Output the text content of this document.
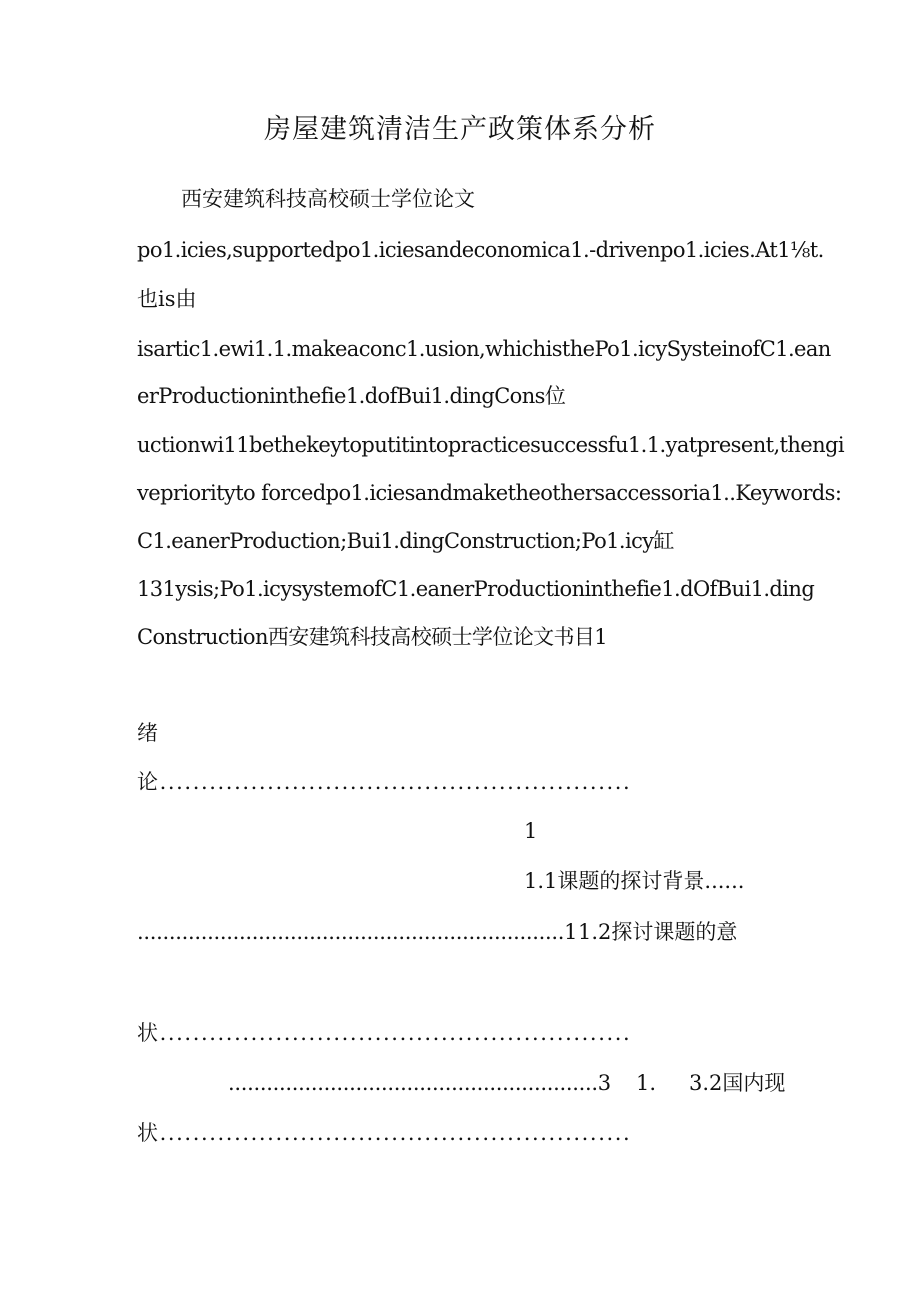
房屋建筑清洁生产政策体系分析
西安建筑科技高校硕士学位论文
po1.icies,supportedpo1.iciesandeconomica1.-drivenpo1.icies.At1⅛t.
也is由
isartic1.ewi1.1.makeaconc1.usion,whichisthePo1.icySysteinofC1.ean
erProductioninthefie1.dofBui1.dingCons位
uctionwi11bethekeytoputitintopracticesuccessfu1.1.yatpresent,thengi
vepriorityto forcedpo1.iciesandmaketheothersaccessoria1..Keywords:
C1.eanerProduction;Bui1.dingConstruction;Po1.icy缸
131ysis;Po1.icysystemofC1.eanerProductioninthefie1.dOfBui1.ding
Construction西安建筑科技高校硕士学位论文书目1
绪
论.........................................................
1
1.1课题的探讨背景......
...................................................................1 1.2探讨课题的意
状.........................................................
..........................................................3 1. 3.2国内现
状.........................................................
